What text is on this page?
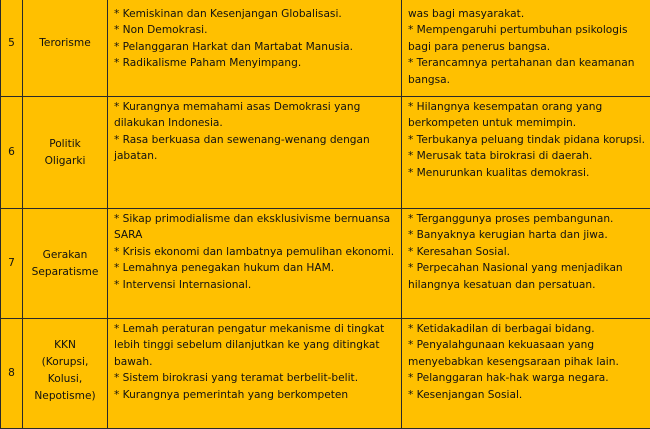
5	Terorisme	* Kemiskinan dan Kesenjangan Globalisasi.
* Non Demokrasi.
* Pelanggaran Harkat dan Martabat Manusia.
* Radikalisme Paham Menyimpang.	was bagi masyarakat.
* Mempengaruhi pertumbuhan psikologis bagi para penerus bangsa.
* Terancamnya pertahanan dan keamanan bangsa.

6	Politik
Oligarki	* Kurangnya memahami asas Demokrasi yang dilakukan Indonesia.
* Rasa berkuasa dan sewenang-wenang dengan jabatan.	* Hilangnya kesempatan orang yang berkompeten untuk memimpin.
* Terbukanya peluang tindak pidana korupsi.
* Merusak tata birokrasi di daerah.
* Menurunkan kualitas demokrasi.

7	Gerakan
Separatisme	* Sikap primodialisme dan eksklusivisme bernuansa SARA
* Krisis ekonomi dan lambatnya pemulihan ekonomi.
* Lemahnya penegakan hukum dan HAM.
* Intervensi Internasional.	* Terganggunya proses pembangunan.
* Banyaknya kerugian harta dan jiwa.
* Keresahan Sosial.
* Perpecahan Nasional yang menjadikan hilangnya kesatuan dan persatuan.

8	KKN
(Korupsi,
Kolusi,
Nepotisme)	* Lemah peraturan pengatur mekanisme di tingkat lebih tinggi sebelum dilanjutkan ke yang ditingkat bawah.
* Sistem birokrasi yang teramat berbelit-belit.
* Kurangnya pemerintah yang berkompeten	* Ketidakadilan di berbagai bidang.
* Penyalahgunaan kekuasaan yang menyebabkan kesengsaraan pihak lain.
* Pelanggaran hak-hak warga negara.
* Kesenjangan Sosial.
